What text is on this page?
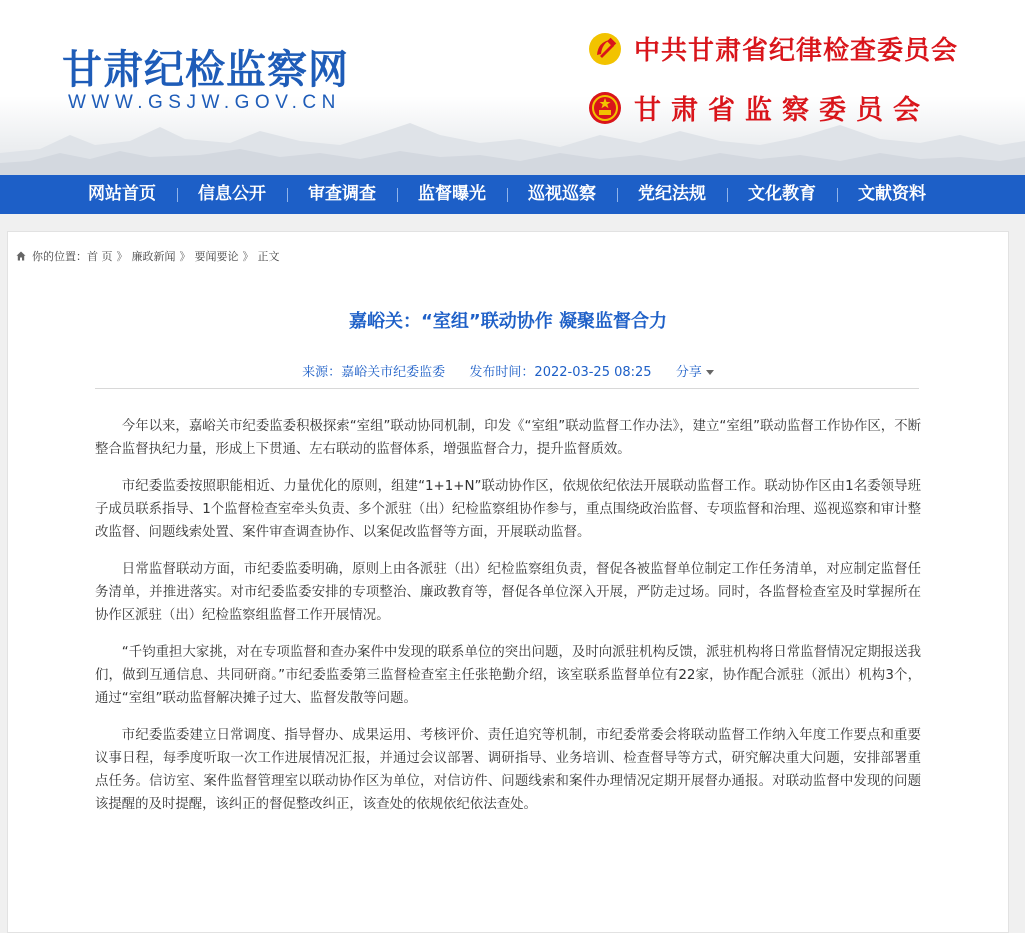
甘肃纪检监察网
WWW.GSJW.GOV.CN
中共甘肃省纪律检查委员会
甘肃省监察委员会
网站首页	信息公开	审查调查	监督曝光	巡视巡察	党纪法规	文化教育	文献资料
你的位置： 首 页 》 廉政新闻 》 要闻要论 》 正文
嘉峪关：“室组”联动协作 凝聚监督合力
来源：嘉峪关市纪委监委 发布时间：2022-03-25 08:25 分享

今年以来，嘉峪关市纪委监委积极探索“室组”联动协同机制，印发《“室组”联动监督工作办法》，建立“室组”联动监督工作协作区，不断整合监督执纪力量，形成上下贯通、左右联动的监督体系，增强监督合力，提升监督质效。

市纪委监委按照职能相近、力量优化的原则，组建“1+1+N”联动协作区，依规依纪依法开展联动监督工作。联动协作区由1名委领导班子成员联系指导、1个监督检查室牵头负责、多个派驻（出）纪检监察组协作参与，重点围绕政治监督、专项监督和治理、巡视巡察和审计整改监督、问题线索处置、案件审查调查协作、以案促改监督等方面，开展联动监督。

日常监督联动方面，市纪委监委明确，原则上由各派驻（出）纪检监察组负责，督促各被监督单位制定工作任务清单，对应制定监督任务清单，并推进落实。对市纪委监委安排的专项整治、廉政教育等，督促各单位深入开展，严防走过场。同时，各监督检查室及时掌握所在协作区派驻（出）纪检监察组监督工作开展情况。

“千钧重担大家挑，对在专项监督和查办案件中发现的联系单位的突出问题，及时向派驻机构反馈，派驻机构将日常监督情况定期报送我们，做到互通信息、共同研商。”市纪委监委第三监督检查室主任张艳勤介绍，该室联系监督单位有22家，协作配合派驻（派出）机构3个，通过“室组”联动监督解决摊子过大、监督发散等问题。

市纪委监委建立日常调度、指导督办、成果运用、考核评价、责任追究等机制，市纪委常委会将联动监督工作纳入年度工作要点和重要议事日程，每季度听取一次工作进展情况汇报，并通过会议部署、调研指导、业务培训、检查督导等方式，研究解决重大问题，安排部署重点任务。信访室、案件监督管理室以联动协作区为单位，对信访件、问题线索和案件办理情况定期开展督办通报。对联动监督中发现的问题该提醒的及时提醒，该纠正的督促整改纠正，该查处的依规依纪依法查处。
